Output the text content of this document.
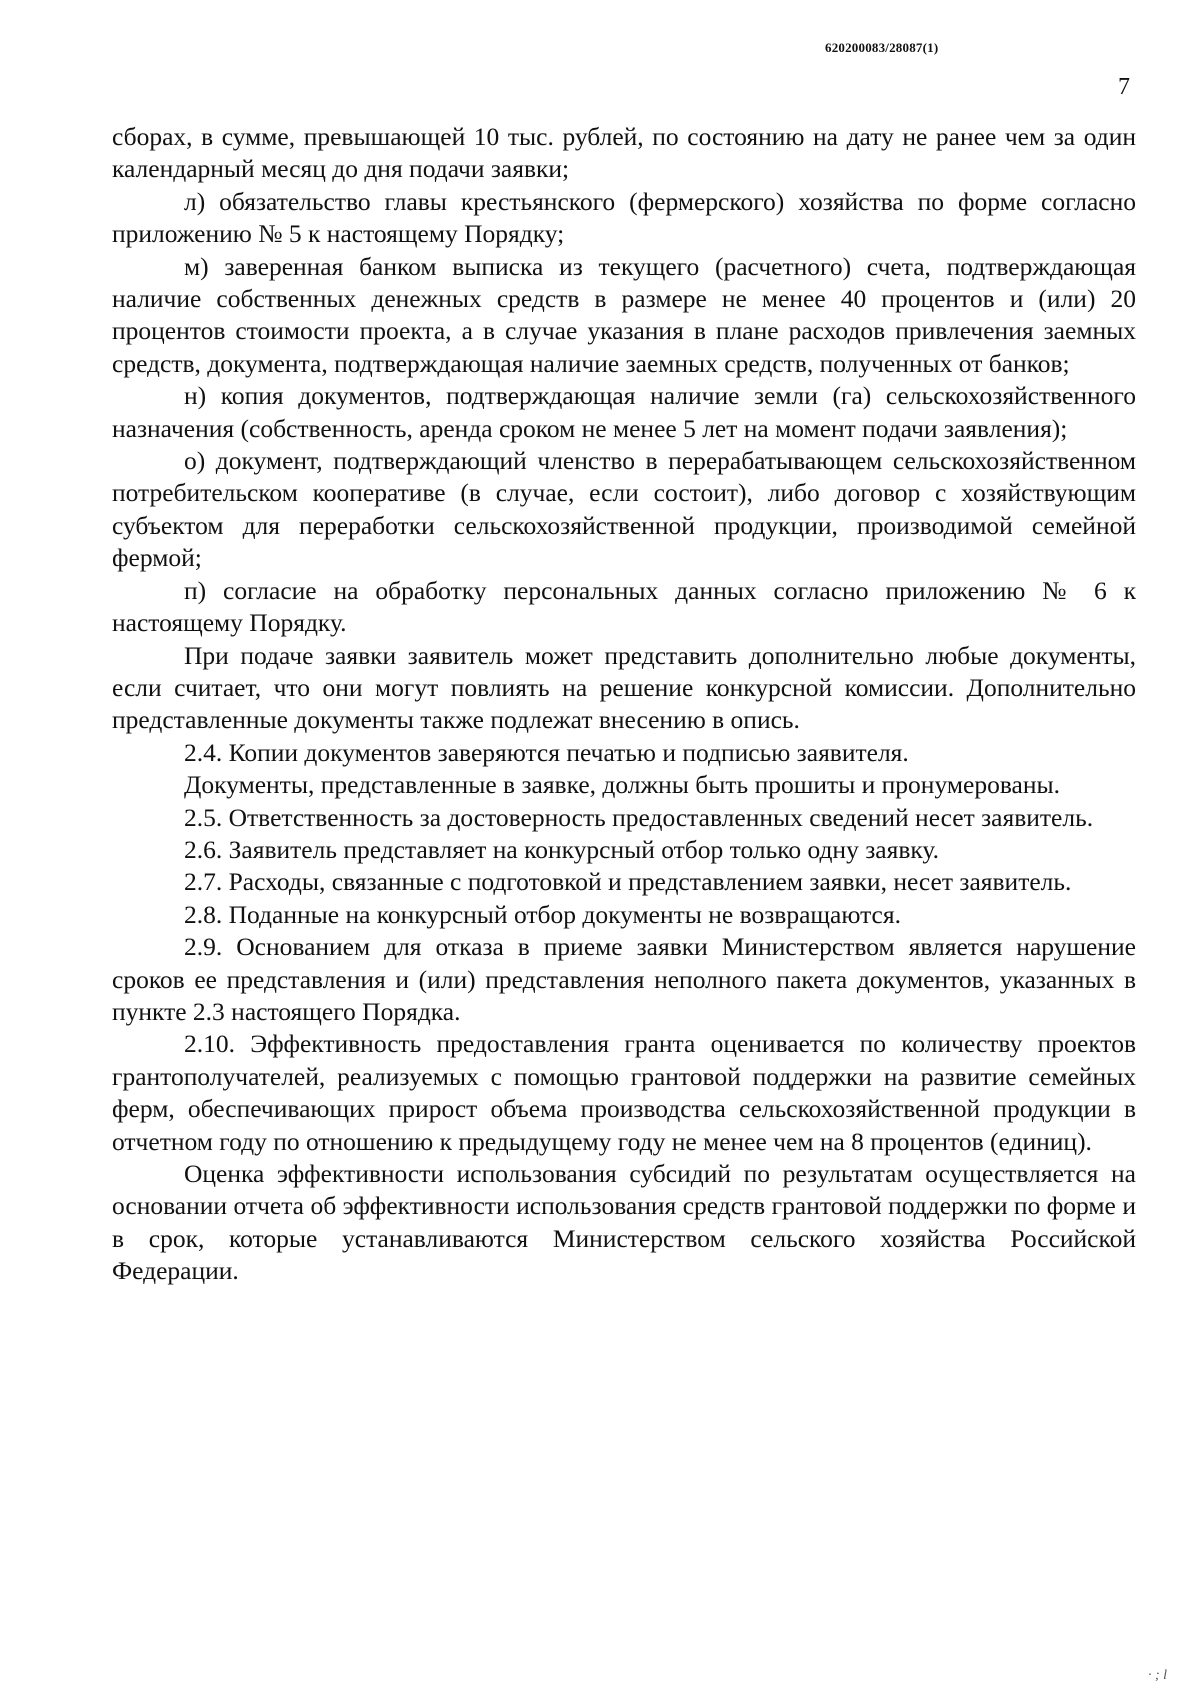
620200083/28087(1)
7

сборах, в сумме, превышающей 10 тыс. рублей, по состоянию на дату не ранее чем за один календарный месяц до дня подачи заявки;

л) обязательство главы крестьянского (фермерского) хозяйства по форме согласно приложению № 5 к настоящему Порядку;

м) заверенная банком выписка из текущего (расчетного) счета, подтверждающая наличие собственных денежных средств в размере не менее 40 процентов и (или) 20 процентов стоимости проекта, а в случае указания в плане расходов привлечения заемных средств, документа, подтверждающая наличие заемных средств, полученных от банков;

н) копия документов, подтверждающая наличие земли (га) сельскохозяйственного назначения (собственность, аренда сроком не менее 5 лет на момент подачи заявления);

о) документ, подтверждающий членство в перерабатывающем сельскохозяйственном потребительском кооперативе (в случае, если состоит), либо договор с хозяйствующим субъектом для переработки сельскохозяйственной продукции, производимой семейной фермой;

п) согласие на обработку персональных данных согласно приложению № 6 к настоящему Порядку.

При подаче заявки заявитель может представить дополнительно любые документы, если считает, что они могут повлиять на решение конкурсной комиссии. Дополнительно представленные документы также подлежат внесению в опись.

2.4. Копии документов заверяются печатью и подписью заявителя.

Документы, представленные в заявке, должны быть прошиты и пронумерованы.

2.5. Ответственность за достоверность предоставленных сведений несет заявитель.

2.6. Заявитель представляет на конкурсный отбор только одну заявку.

2.7. Расходы, связанные с подготовкой и представлением заявки, несет заявитель.

2.8. Поданные на конкурсный отбор документы не возвращаются.

2.9. Основанием для отказа в приеме заявки Министерством является нарушение сроков ее представления и (или) представления неполного пакета документов, указанных в пункте 2.3 настоящего Порядка.

2.10. Эффективность предоставления гранта оценивается по количеству проектов грантополучателей, реализуемых с помощью грантовой поддержки на развитие семейных ферм, обеспечивающих прирост объема производства сельскохозяйственной продукции в отчетном году по отношению к предыдущему году не менее чем на 8 процентов (единиц).

Оценка эффективности использования субсидий по результатам осуществляется на основании отчета об эффективности использования средств грантовой поддержки по форме и в срок, которые устанавливаются Министерством сельского хозяйства Российской Федерации.

· ; l
